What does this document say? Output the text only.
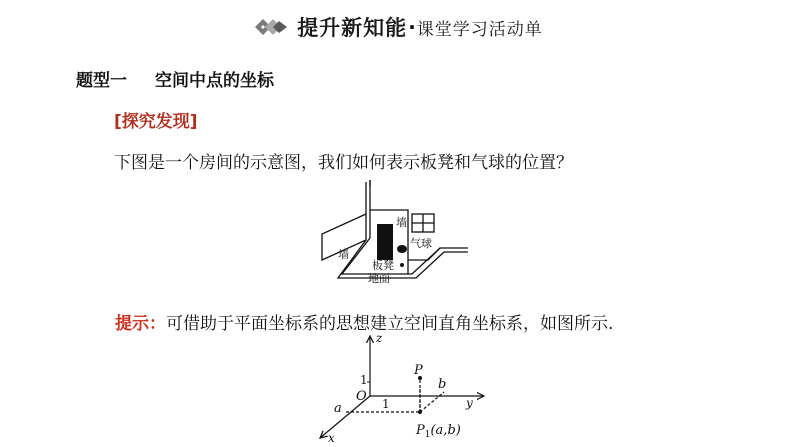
提升新知能 · 课堂学习活动单
题型一 空间中点的坐标
[探究发现]
下图是一个房间的示意图，我们如何表示板凳和气球的位置？
墙
墙
气球
板凳
地面
提示：可借助于平面坐标系的思想建立空间直角坐标系，如图所示.
z
y
x
O
1
1
a
b
P
$P_1(a,b)$
